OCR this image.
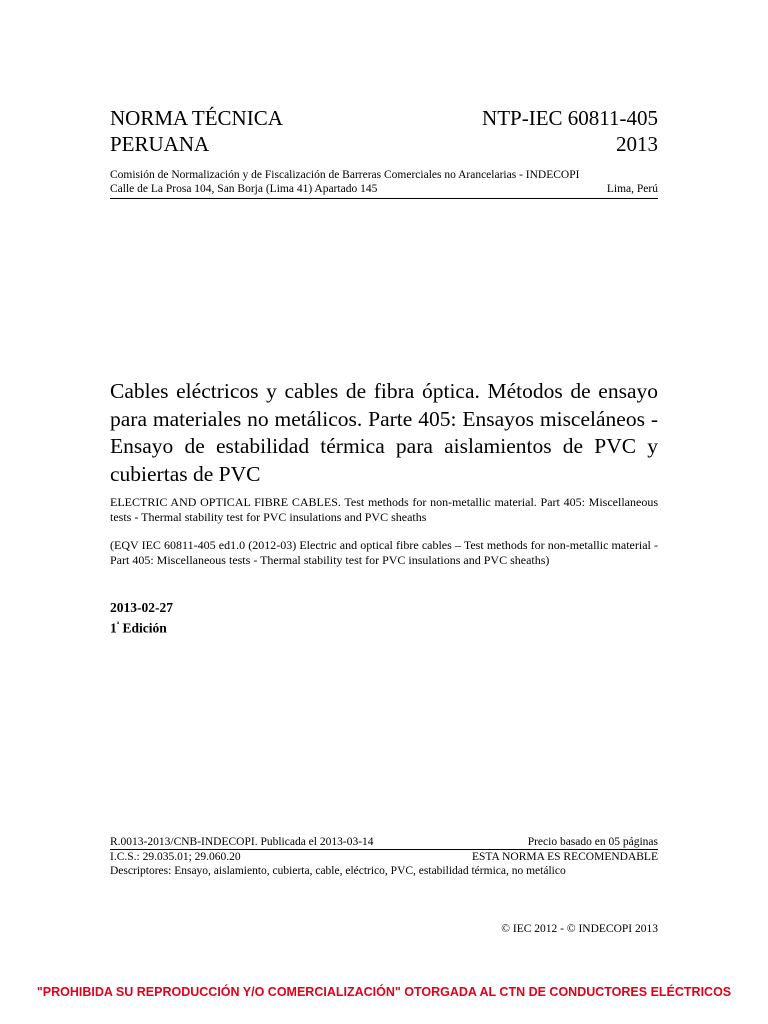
NORMA TÉCNICA
PERUANA
NTP-IEC 60811-405
2013
Comisión de Normalización y de Fiscalización de Barreras Comerciales no Arancelarias - INDECOPI
Calle de La Prosa 104, San Borja (Lima 41) Apartado 145	Lima, Perú
Cables eléctricos y cables de fibra óptica. Métodos de ensayo para materiales no metálicos. Parte 405: Ensayos misceláneos - Ensayo de estabilidad térmica para aislamientos de PVC y cubiertas de PVC
ELECTRIC AND OPTICAL FIBRE CABLES. Test methods for non-metallic material. Part 405: Miscellaneous tests - Thermal stability test for PVC insulations and PVC sheaths
(EQV IEC 60811-405 ed1.0 (2012-03) Electric and optical fibre cables – Test methods for non-metallic material - Part 405: Miscellaneous tests - Thermal stability test for PVC insulations and PVC sheaths)
2013-02-27
$1^ª$ Edición
R.0013-2013/CNB-INDECOPI. Publicada el 2013-03-14	Precio basado en 05 páginas
I.C.S.: 29.035.01; 29.060.20	ESTA NORMA ES RECOMENDABLE
Descriptores: Ensayo, aislamiento, cubierta, cable, eléctrico, PVC, estabilidad térmica, no metálico
© IEC 2012 - © INDECOPI 2013
"PROHIBIDA SU REPRODUCCIÓN Y/O COMERCIALIZACIÓN" OTORGADA AL CTN DE CONDUCTORES ELÉCTRICOS
